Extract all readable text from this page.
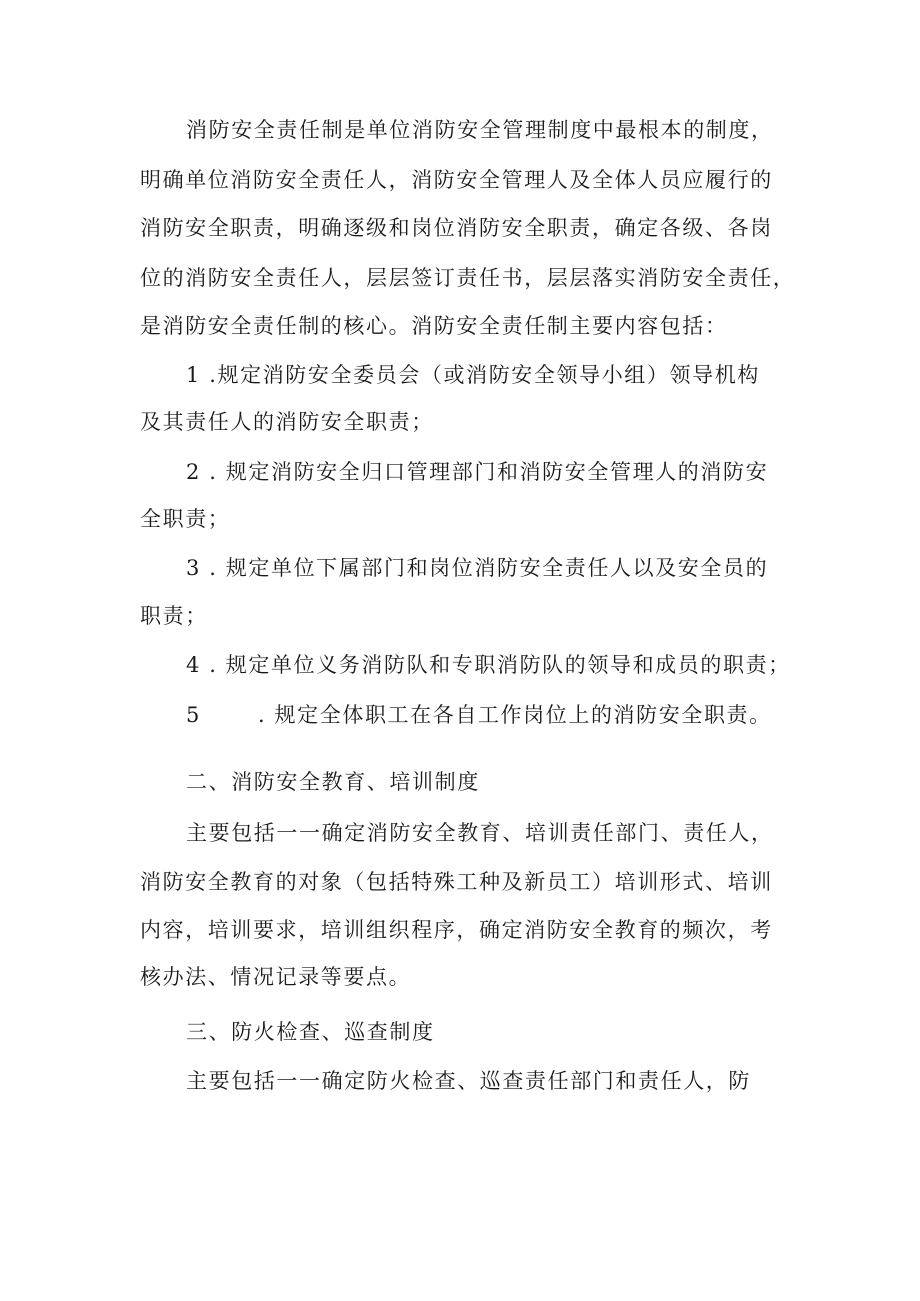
消防安全责任制是单位消防安全管理制度中最根本的制度，
明确单位消防安全责任人，消防安全管理人及全体人员应履行的
消防安全职责，明确逐级和岗位消防安全职责，确定各级、各岗
位的消防安全责任人，层层签订责任书，层层落实消防安全责任，
是消防安全责任制的核心。消防安全责任制主要内容包括：
1 .规定消防安全委员会（或消防安全领导小组）领导机构
及其责任人的消防安全职责；
2 . 规定消防安全归口管理部门和消防安全管理人的消防安
全职责；
3 . 规定单位下属部门和岗位消防安全责任人以及安全员的
职责；
4 . 规定单位义务消防队和专职消防队的领导和成员的职责；
5	. 规定全体职工在各自工作岗位上的消防安全职责。
二、消防安全教育、培训制度
主要包括一一确定消防安全教育、培训责任部门、责任人，
消防安全教育的对象（包括特殊工种及新员工）培训形式、培训
内容，培训要求，培训组织程序，确定消防安全教育的频次，考
核办法、情况记录等要点。
三、防火检查、巡查制度
主要包括一一确定防火检查、巡查责任部门和责任人，防
